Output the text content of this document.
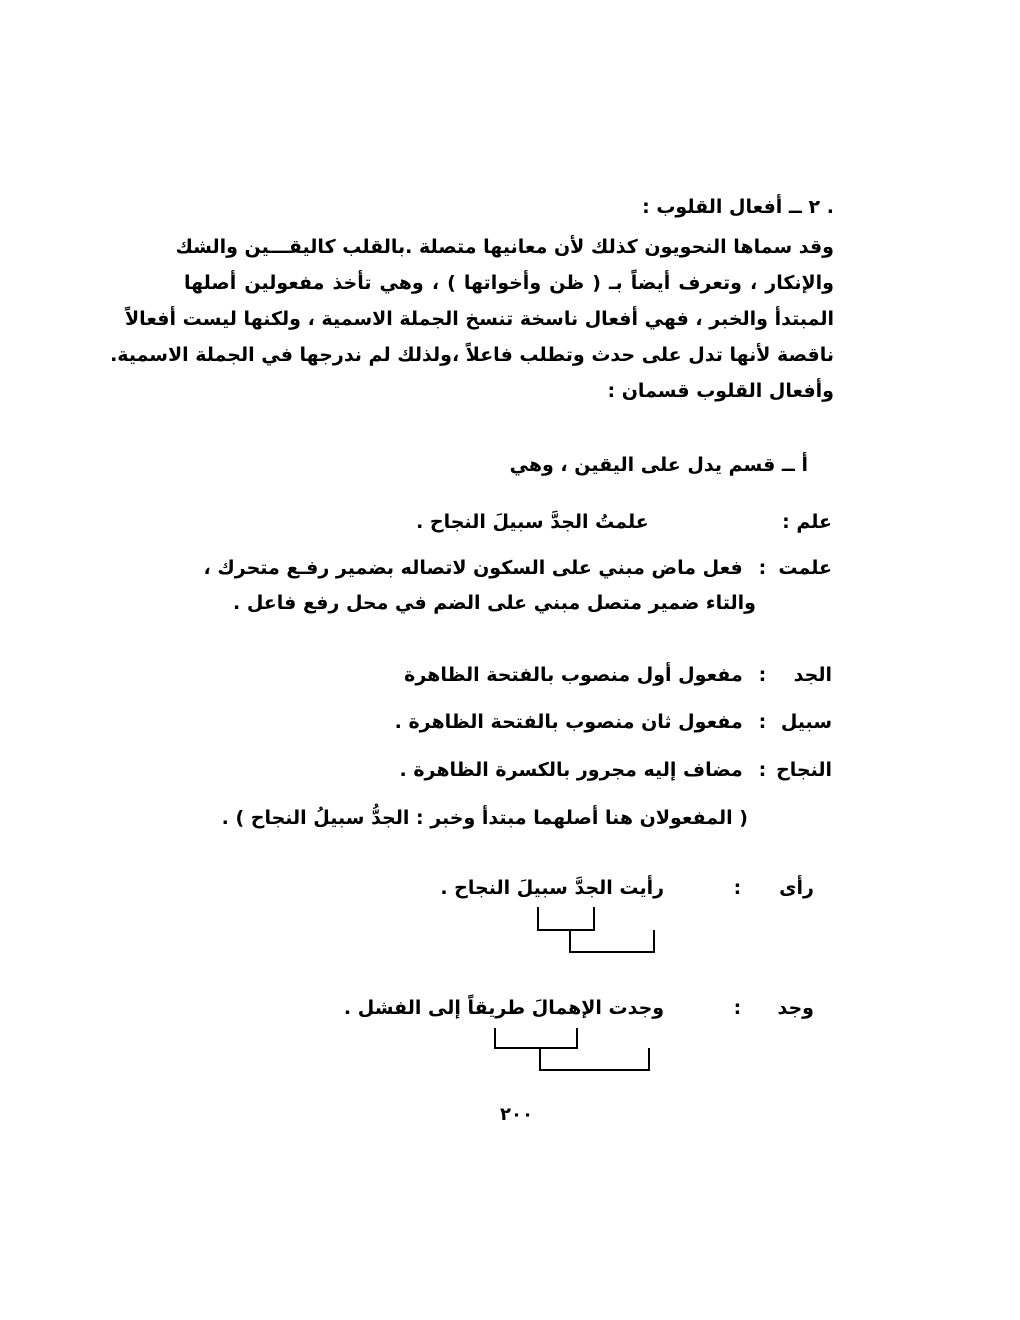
. ٢ ــ أفعال القلوب :
وقد سماها النحويون كذلك لأن معانيها متصلة .بالقلب كاليقـــين والشك
والإنكار ، وتعرف أيضاً بـ ( ظن وأخواتها ) ، وهي تأخذ مفعولين أصلها
المبتدأ والخبر ، فهي أفعال ناسخة تنسخ الجملة الاسمية ، ولكنها ليست أفعالاً
ناقصة لأنها تدل على حدث وتطلب فاعلاً ،ولذلك لم ندرجها في الجملة الاسمية.
وأفعال القلوب قسمان :
أ ــ قسم يدل على اليقين ، وهي
علم :  علمتُ الجدَّ سبيلَ النجاح .
علمت : فعل ماض مبني على السكون لاتصاله بضمير رفـع متحرك ،
والتاء ضمير متصل مبني على الضم في محل رفع فاعل .
الجد : مفعول أول منصوب بالفتحة الظاهرة
سبيل : مفعول ثان منصوب بالفتحة الظاهرة .
النجاح : مضاف إليه مجرور بالكسرة الظاهرة .
( المفعولان هنا أصلهما مبتدأ وخبر : الجدُّ سبيلُ النجاح ) .
رأى :  رأيت الجدَّ سبيلَ النجاح .
وجد :  وجدت الإهمالَ طريقاً إلى الفشل .
٢٠٠
